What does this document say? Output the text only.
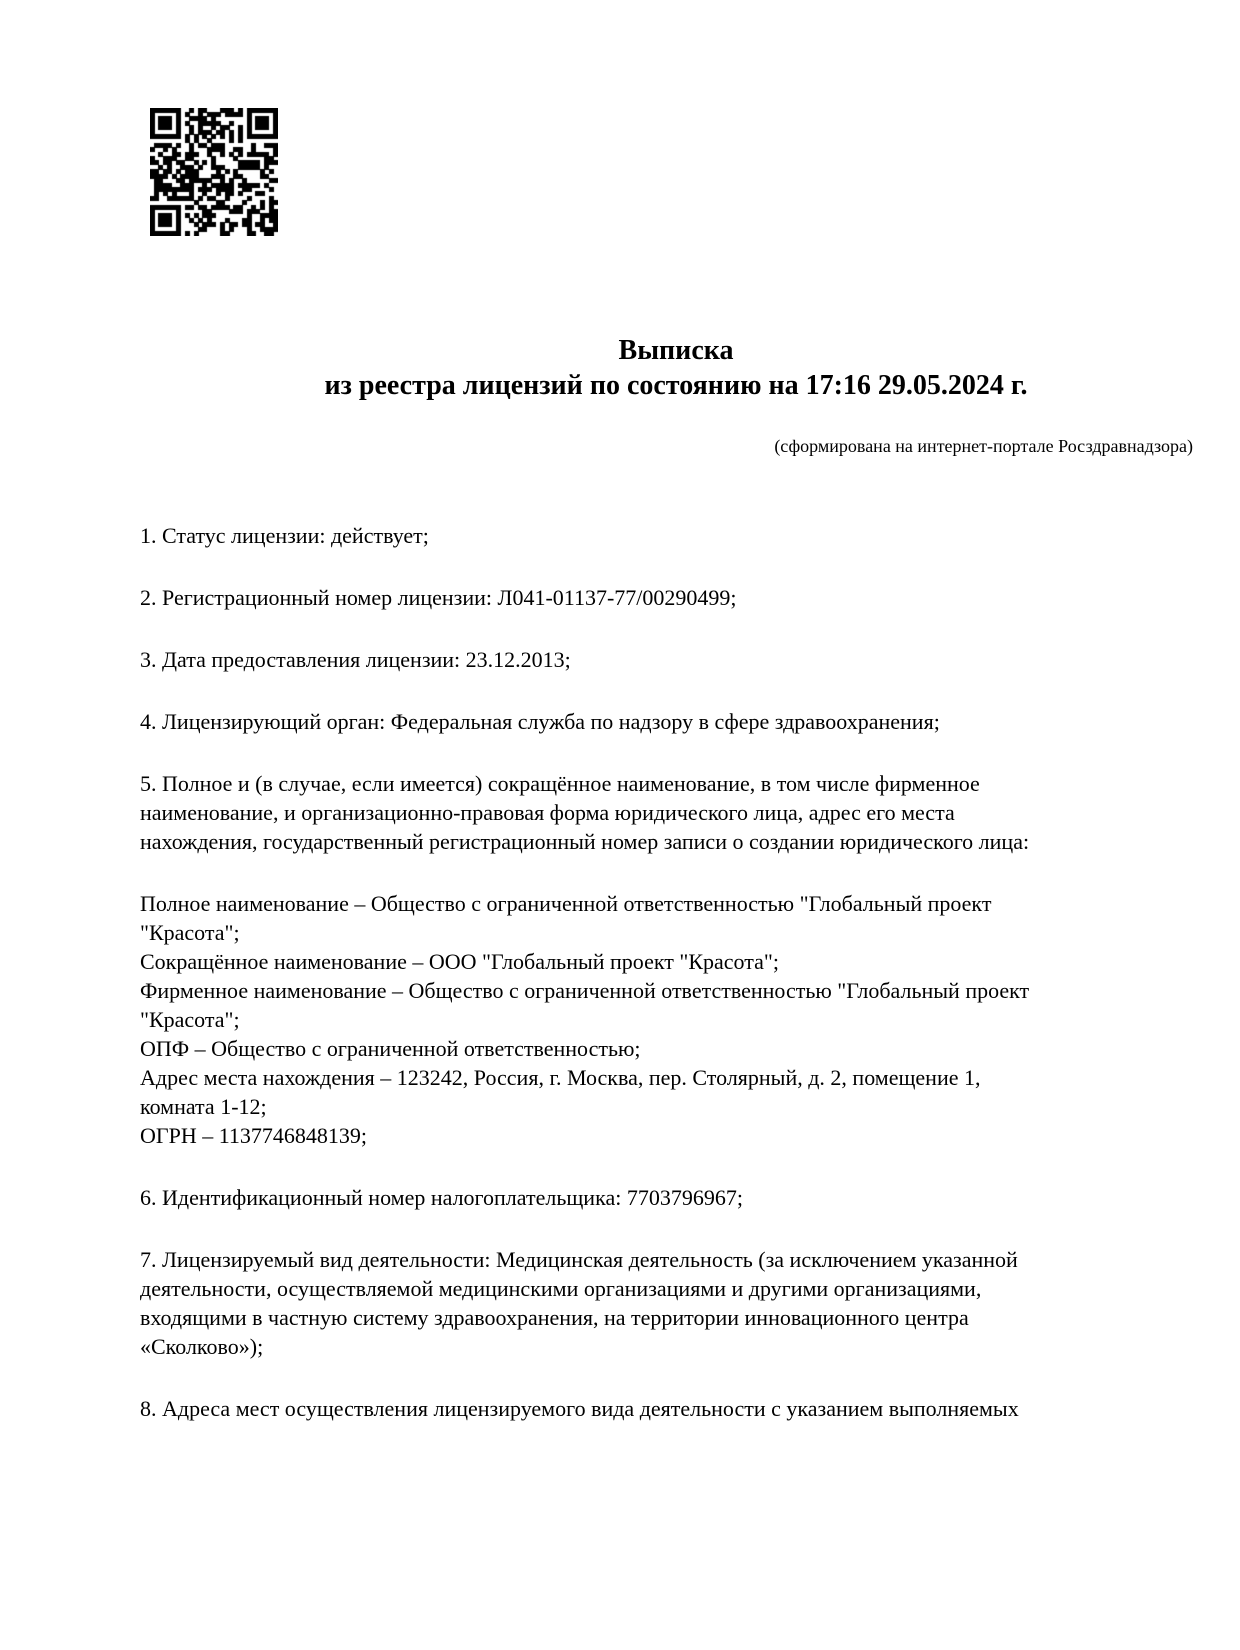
Выписка
из реестра лицензий по состоянию на 17:16 29.05.2024 г.
(сформирована на интернет-портале Росздравнадзора)
1. Статус лицензии: действует;
2. Регистрационный номер лицензии: Л041-01137-77/00290499;
3. Дата предоставления лицензии: 23.12.2013;
4. Лицензирующий орган: Федеральная служба по надзору в сфере здравоохранения;
5. Полное и (в случае, если имеется) сокращённое наименование, в том числе фирменное
наименование, и организационно-правовая форма юридического лица, адрес его места
нахождения, государственный регистрационный номер записи о создании юридического лица:
Полное наименование – Общество с ограниченной ответственностью "Глобальный проект
"Красота";
Сокращённое наименование – ООО "Глобальный проект "Красота";
Фирменное наименование – Общество с ограниченной ответственностью "Глобальный проект
"Красота";
ОПФ – Общество с ограниченной ответственностью;
Адрес места нахождения – 123242, Россия, г. Москва, пер. Столярный, д. 2, помещение 1,
комната 1-12;
ОГРН – 1137746848139;
6. Идентификационный номер налогоплательщика: 7703796967;
7. Лицензируемый вид деятельности: Медицинская деятельность (за исключением указанной
деятельности, осуществляемой медицинскими организациями и другими организациями,
входящими в частную систему здравоохранения, на территории инновационного центра
«Сколково»);
8. Адреса мест осуществления лицензируемого вида деятельности с указанием выполняемых
